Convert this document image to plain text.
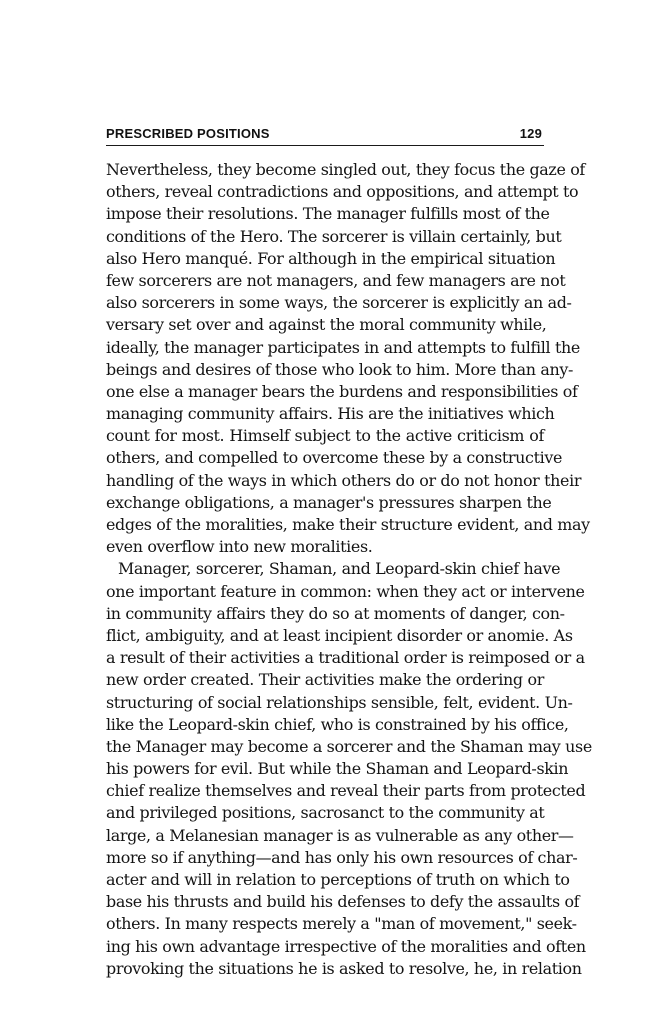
PRESCRIBED POSITIONS	129
Nevertheless, they become singled out, they focus the gaze of
others, reveal contradictions and oppositions, and attempt to
impose their resolutions. The manager fulfills most of the
conditions of the Hero. The sorcerer is villain certainly, but
also Hero manqué. For although in the empirical situation
few sorcerers are not managers, and few managers are not
also sorcerers in some ways, the sorcerer is explicitly an ad-
versary set over and against the moral community while,
ideally, the manager participates in and attempts to fulfill the
beings and desires of those who look to him. More than any-
one else a manager bears the burdens and responsibilities of
managing community affairs. His are the initiatives which
count for most. Himself subject to the active criticism of
others, and compelled to overcome these by a constructive
handling of the ways in which others do or do not honor their
exchange obligations, a manager's pressures sharpen the
edges of the moralities, make their structure evident, and may
even overflow into new moralities.
Manager, sorcerer, Shaman, and Leopard-skin chief have
one important feature in common: when they act or intervene
in community affairs they do so at moments of danger, con-
flict, ambiguity, and at least incipient disorder or anomie. As
a result of their activities a traditional order is reimposed or a
new order created. Their activities make the ordering or
structuring of social relationships sensible, felt, evident. Un-
like the Leopard-skin chief, who is constrained by his office,
the Manager may become a sorcerer and the Shaman may use
his powers for evil. But while the Shaman and Leopard-skin
chief realize themselves and reveal their parts from protected
and privileged positions, sacrosanct to the community at
large, a Melanesian manager is as vulnerable as any other—
more so if anything—and has only his own resources of char-
acter and will in relation to perceptions of truth on which to
base his thrusts and build his defenses to defy the assaults of
others. In many respects merely a "man of movement," seek-
ing his own advantage irrespective of the moralities and often
provoking the situations he is asked to resolve, he, in relation
